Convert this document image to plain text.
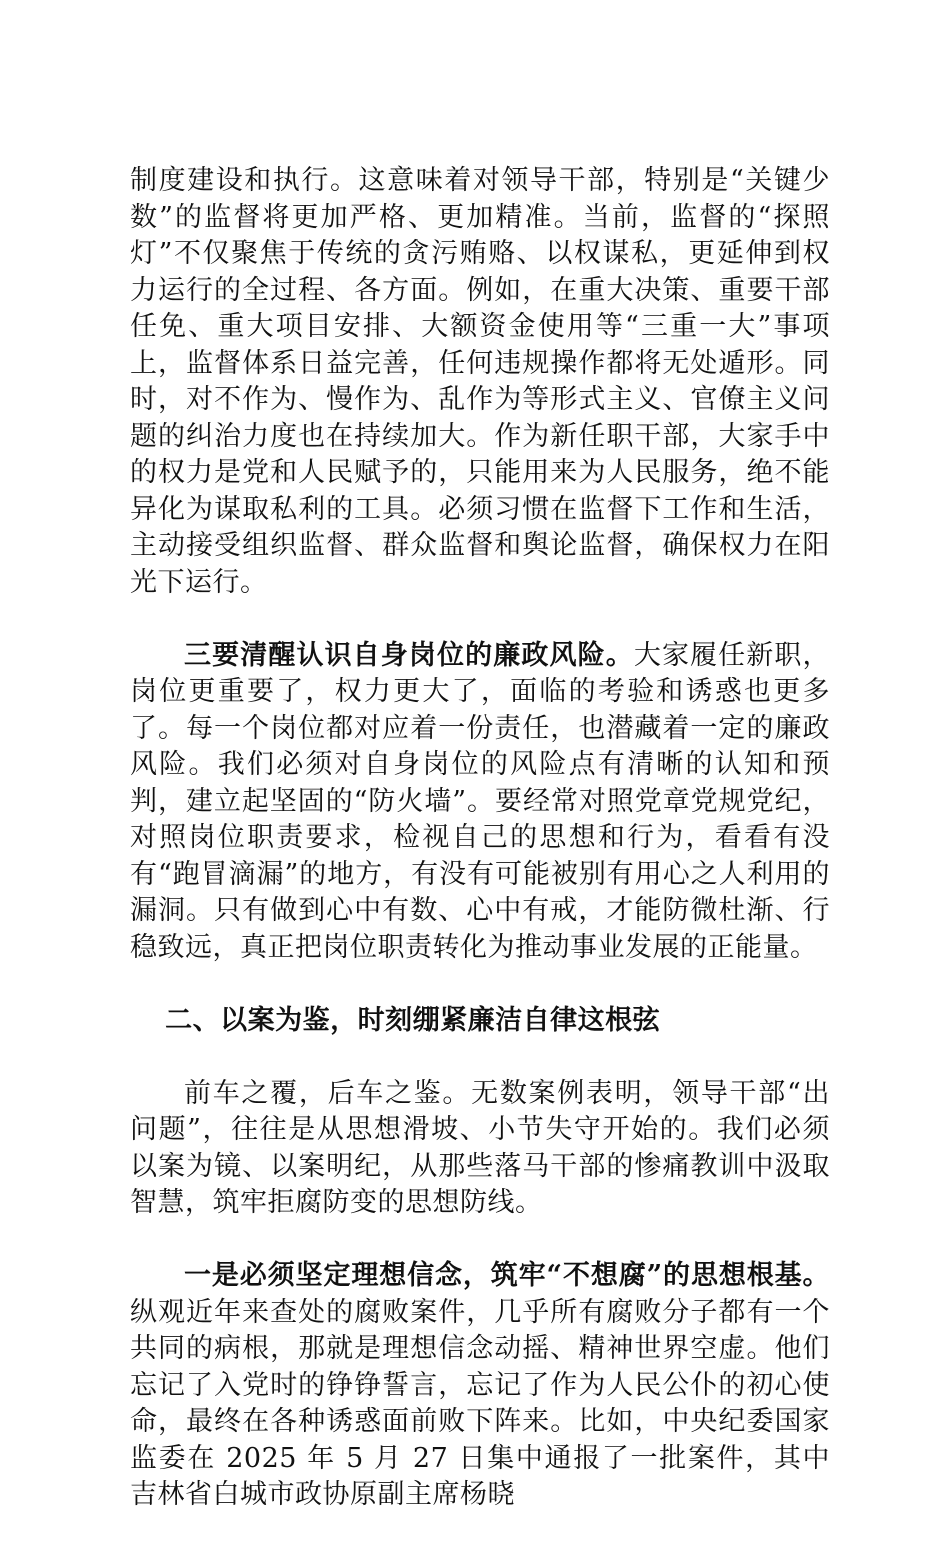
制度建设和执行。这意味着对领导干部，特别是“关键少数”的监督将更加严格、更加精准。当前，监督的“探照灯”不仅聚焦于传统的贪污贿赂、以权谋私，更延伸到权力运行的全过程、各方面。例如，在重大决策、重要干部任免、重大项目安排、大额资金使用等“三重一大”事项上，监督体系日益完善，任何违规操作都将无处遁形。同时，对不作为、慢作为、乱作为等形式主义、官僚主义问题的纠治力度也在持续加大。作为新任职干部，大家手中的权力是党和人民赋予的，只能用来为人民服务，绝不能异化为谋取私利的工具。必须习惯在监督下工作和生活，主动接受组织监督、群众监督和舆论监督，确保权力在阳光下运行。

三要清醒认识自身岗位的廉政风险。大家履任新职，岗位更重要了，权力更大了，面临的考验和诱惑也更多了。每一个岗位都对应着一份责任，也潜藏着一定的廉政风险。我们必须对自身岗位的风险点有清晰的认知和预判，建立起坚固的“防火墙”。要经常对照党章党规党纪，对照岗位职责要求，检视自己的思想和行为，看看有没有“跑冒滴漏”的地方，有没有可能被别有用心之人利用的漏洞。只有做到心中有数、心中有戒，才能防微杜渐、行稳致远，真正把岗位职责转化为推动事业发展的正能量。

二、以案为鉴，时刻绷紧廉洁自律这根弦

前车之覆，后车之鉴。无数案例表明，领导干部“出问题”，往往是从思想滑坡、小节失守开始的。我们必须以案为镜、以案明纪，从那些落马干部的惨痛教训中汲取智慧，筑牢拒腐防变的思想防线。

一是必须坚定理想信念，筑牢“不想腐”的思想根基。纵观近年来查处的腐败案件，几乎所有腐败分子都有一个共同的病根，那就是理想信念动摇、精神世界空虚。他们忘记了入党时的铮铮誓言，忘记了作为人民公仆的初心使命，最终在各种诱惑面前败下阵来。比如，中央纪委国家监委在 2025 年 5 月 27 日集中通报了一批案件，其中吉林省白城市政协原副主席杨晓
